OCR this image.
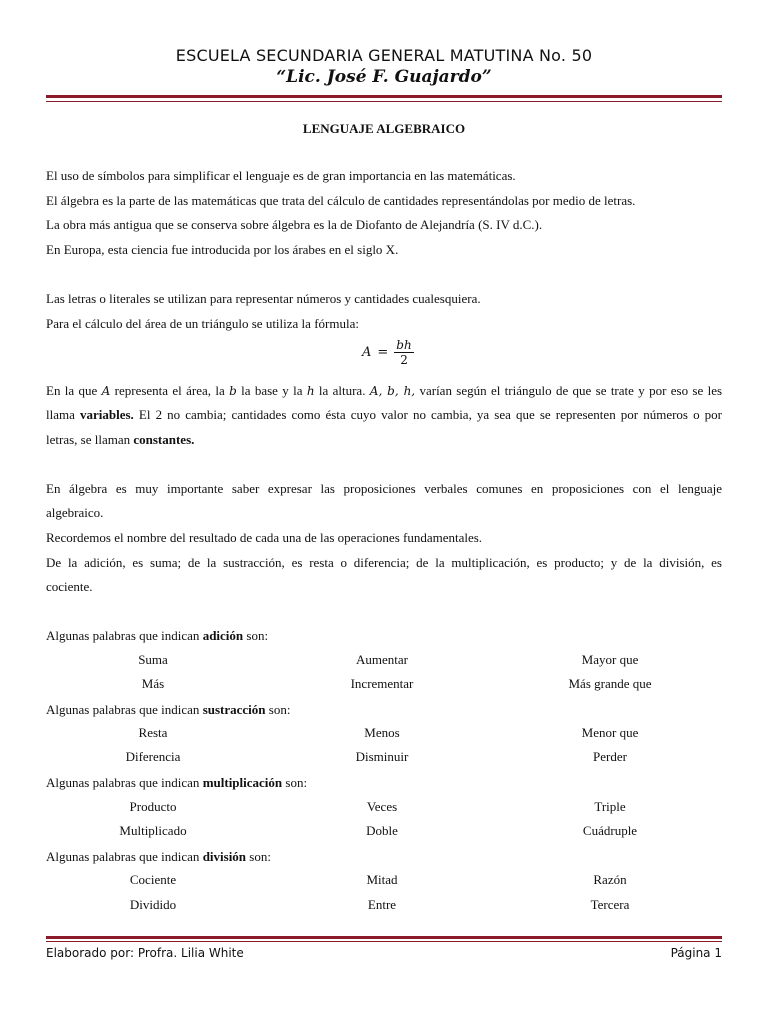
ESCUELA SECUNDARIA GENERAL MATUTINA No. 50
“Lic. José F. Guajardo”
LENGUAJE ALGEBRAICO
El uso de símbolos para simplificar el lenguaje es de gran importancia en las matemáticas.
El álgebra es la parte de las matemáticas que trata del cálculo de cantidades representándolas por medio de letras.
La obra más antigua que se conserva sobre álgebra es la de Diofanto de Alejandría (S. IV d.C.).
En Europa, esta ciencia fue introducida por los árabes en el siglo X.
Las letras o literales se utilizan para representar números y cantidades cualesquiera.
Para el cálculo del área de un triángulo se utiliza la fórmula:
$A = \frac{bh}{2}$
En la que A representa el área, la b la base y la h la altura. A, b, h, varían según el triángulo de que se trate y por eso se les
llama variables. El 2 no cambia; cantidades como ésta cuyo valor no cambia, ya sea que se representen por números o por
letras, se llaman constantes.
En álgebra es muy importante saber expresar las proposiciones verbales comunes en proposiciones con el lenguaje
algebraico.
Recordemos el nombre del resultado de cada una de las operaciones fundamentales.
De la adición, es suma; de la sustracción, es resta o diferencia; de la multiplicación, es producto; y de la división, es
cociente.
Algunas palabras que indican adición son:
Suma	Aumentar	Mayor que
Más	Incrementar	Más grande que
Algunas palabras que indican sustracción son:
Resta	Menos	Menor que
Diferencia	Disminuir	Perder
Algunas palabras que indican multiplicación son:
Producto	Veces	Triple
Multiplicado	Doble	Cuádruple
Algunas palabras que indican división son:
Cociente	Mitad	Razón
Dividido	Entre	Tercera
Elaborado por: Profra. Lilia White	Página 1
